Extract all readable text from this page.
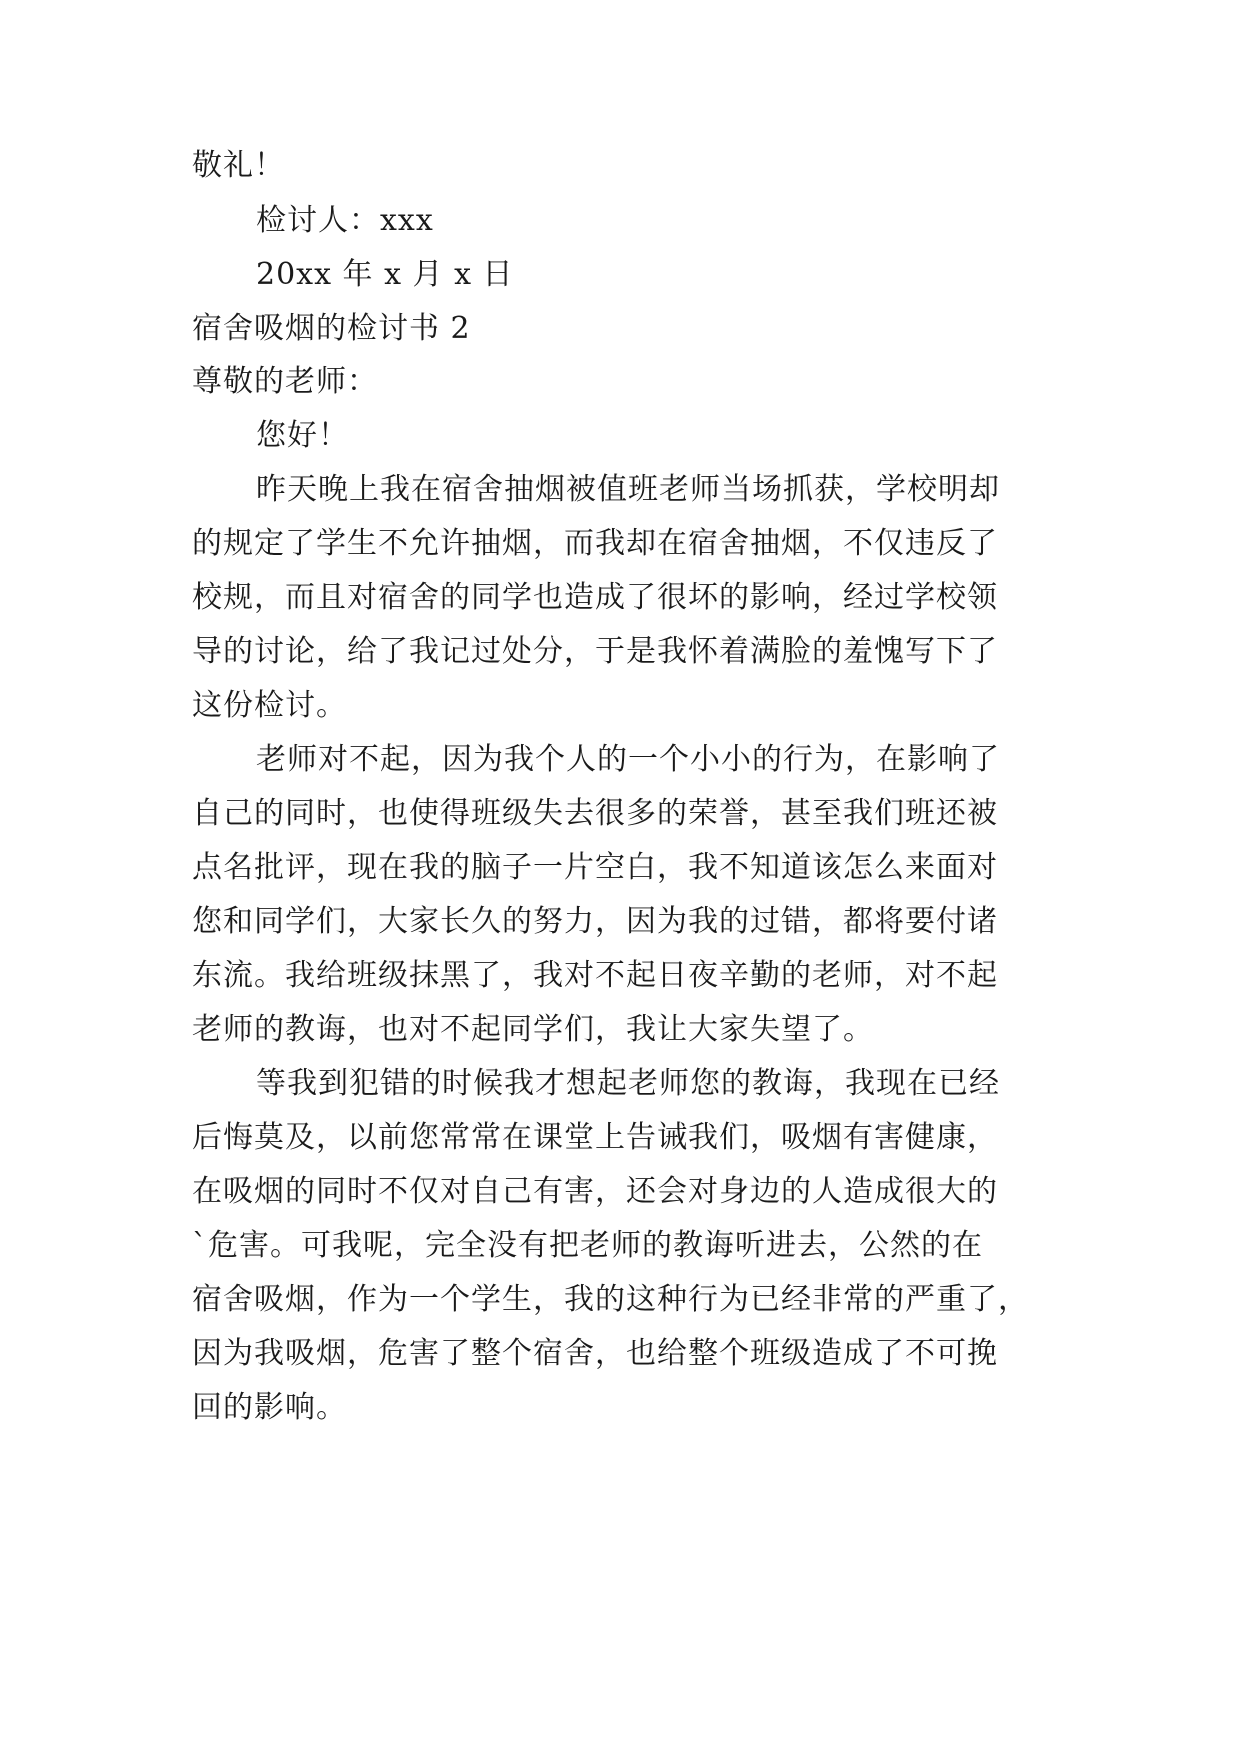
敬礼！
检讨人：xxx
20xx 年 x 月 x 日
宿舍吸烟的检讨书 2
尊敬的老师：
您好！
昨天晚上我在宿舍抽烟被值班老师当场抓获，学校明却
的规定了学生不允许抽烟，而我却在宿舍抽烟，不仅违反了
校规，而且对宿舍的同学也造成了很坏的影响，经过学校领
导的讨论，给了我记过处分，于是我怀着满脸的羞愧写下了
这份检讨。
老师对不起，因为我个人的一个小小的行为，在影响了
自己的同时，也使得班级失去很多的荣誉，甚至我们班还被
点名批评，现在我的脑子一片空白，我不知道该怎么来面对
您和同学们，大家长久的努力，因为我的过错，都将要付诸
东流。我给班级抹黑了，我对不起日夜辛勤的老师，对不起
老师的教诲，也对不起同学们，我让大家失望了。
等我到犯错的时候我才想起老师您的教诲，我现在已经
后悔莫及，以前您常常在课堂上告诫我们，吸烟有害健康，
在吸烟的同时不仅对自己有害，还会对身边的人造成很大的
`危害。可我呢，完全没有把老师的教诲听进去，公然的在
宿舍吸烟，作为一个学生，我的这种行为已经非常的严重了，
因为我吸烟，危害了整个宿舍，也给整个班级造成了不可挽
回的影响。
